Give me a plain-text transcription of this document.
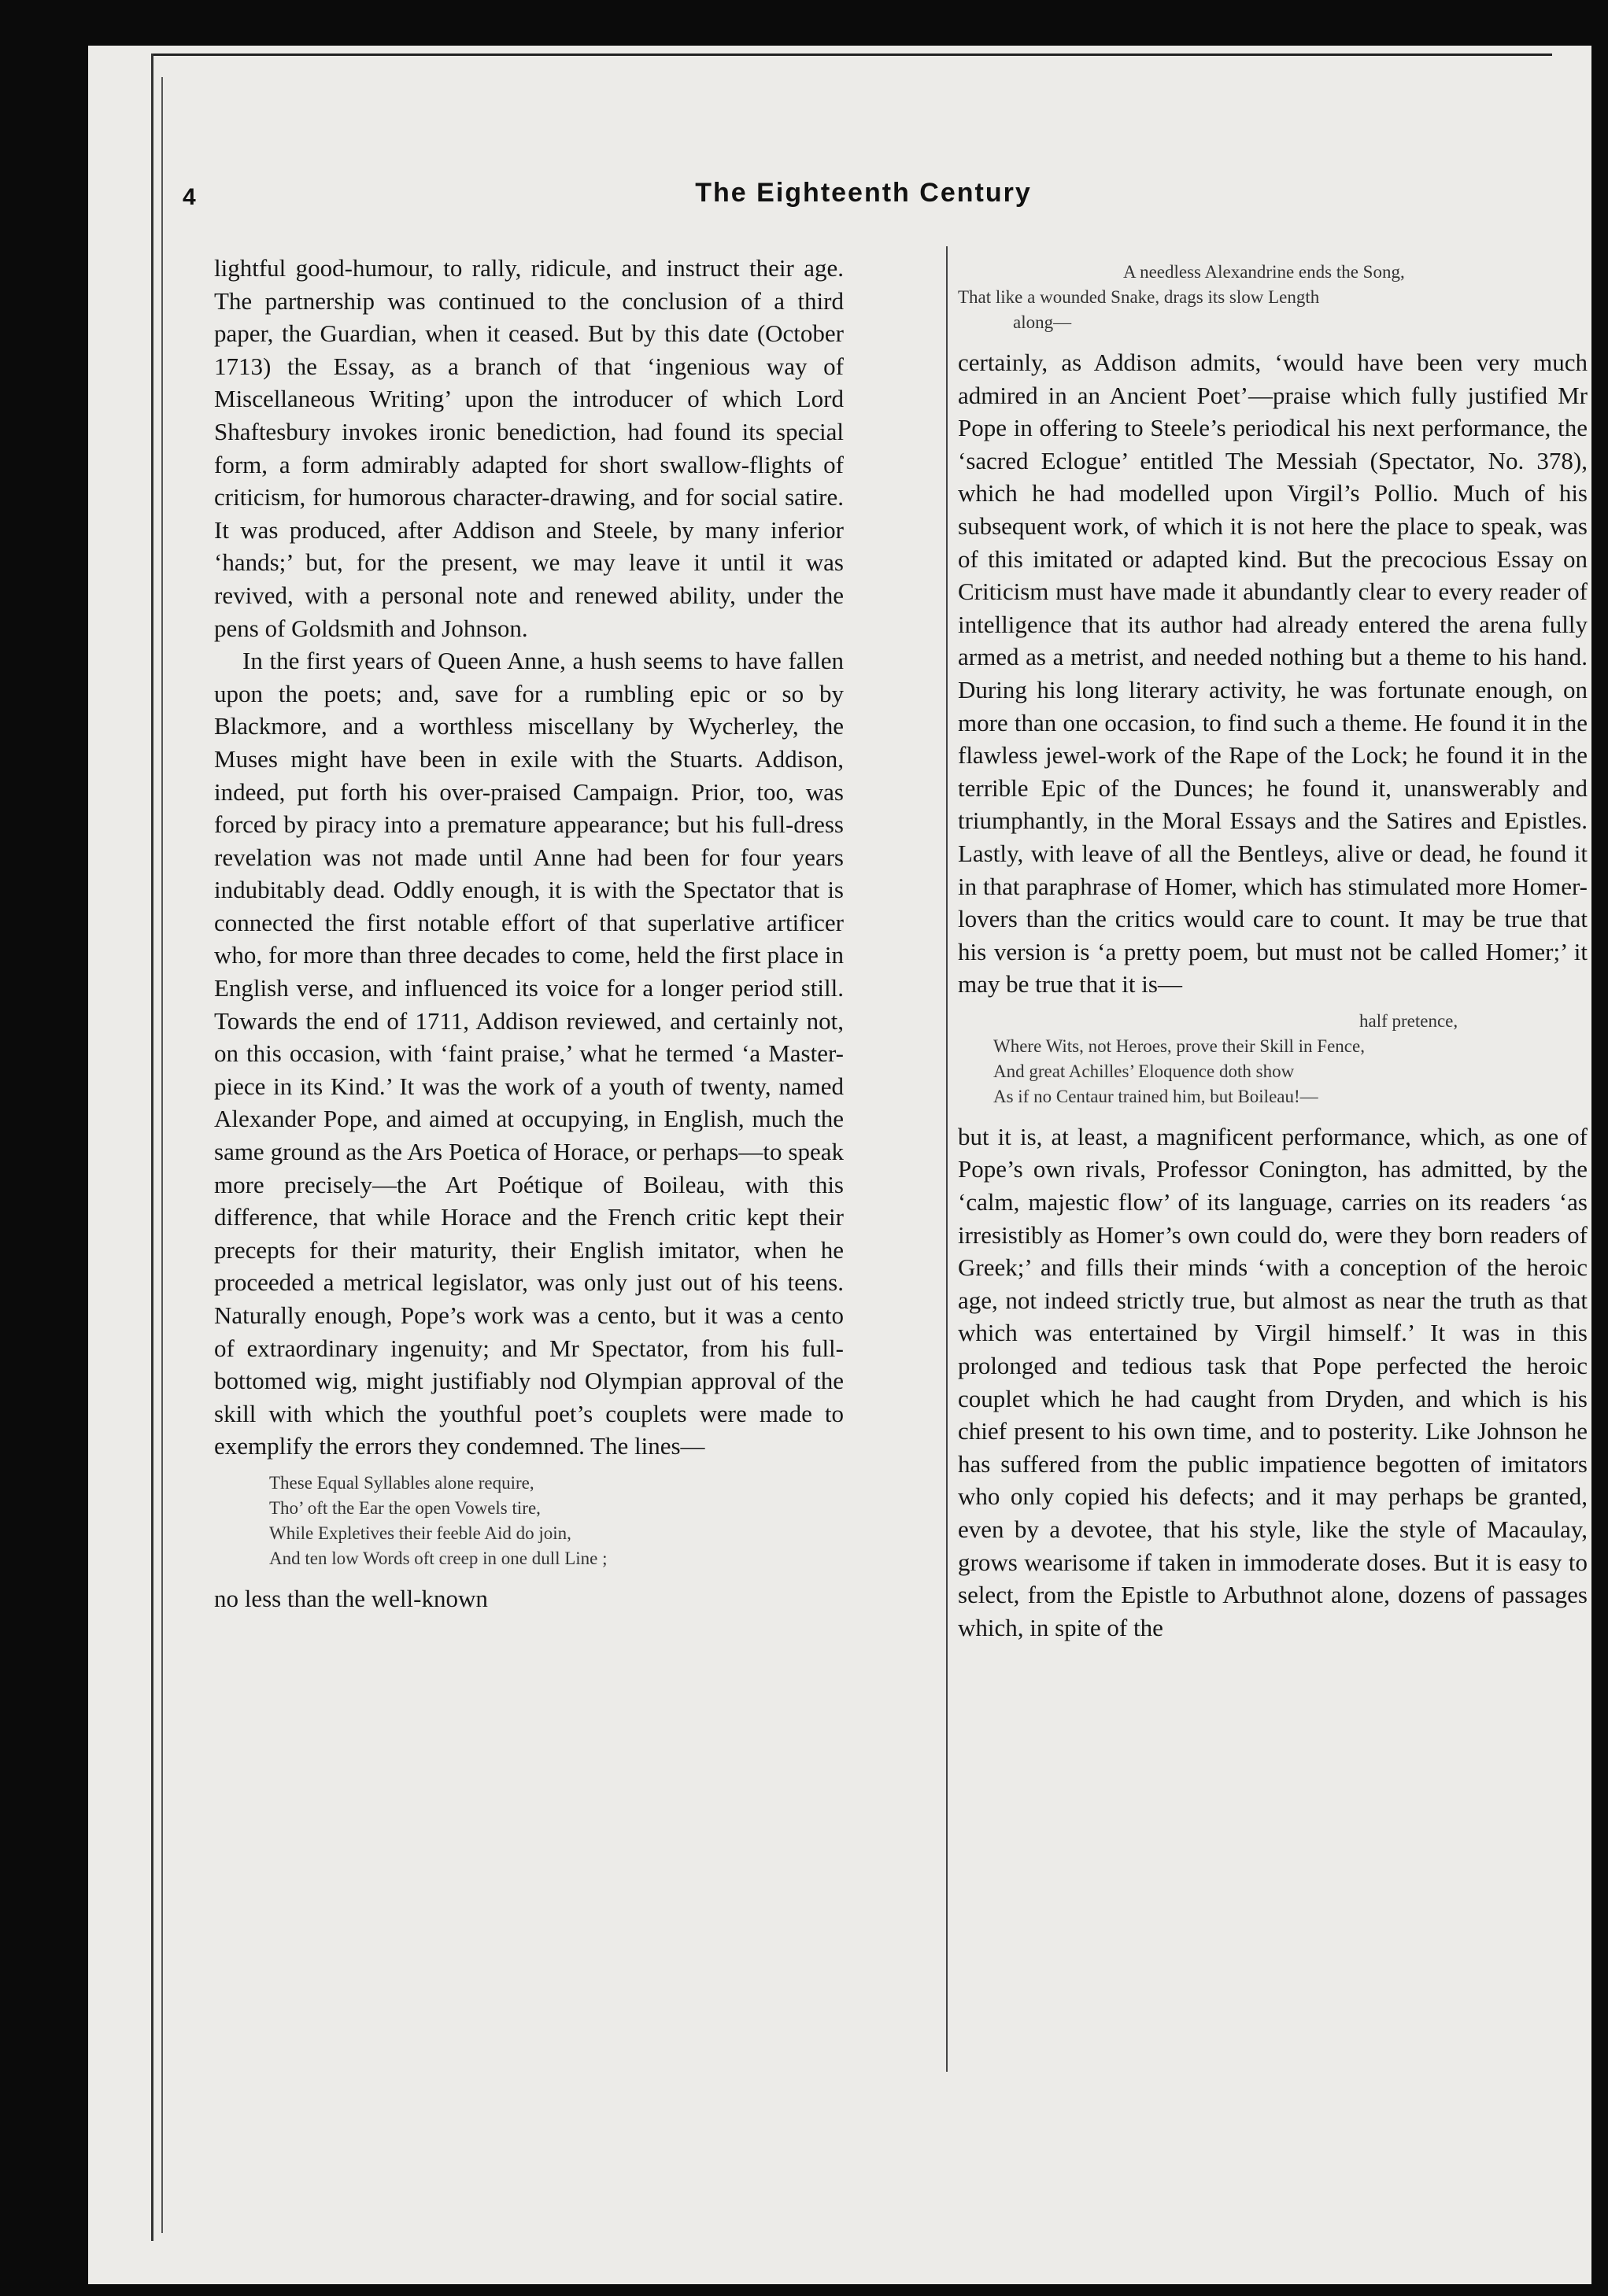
4	The Eighteenth Century

lightful good-humour, to rally, ridicule, and instruct their age. The partnership was continued to the conclusion of a third paper, the Guardian, when it ceased. But by this date (October 1713) the Essay, as a branch of that ‘ingenious way of Miscellaneous Writing’ upon the introducer of which Lord Shaftesbury invokes ironic benediction, had found its special form, a form admirably adapted for short swallow-flights of criticism, for humorous character-drawing, and for social satire. It was produced, after Addison and Steele, by many inferior ‘hands;’ but, for the present, we may leave it until it was revived, with a personal note and renewed ability, under the pens of Goldsmith and Johnson.

In the first years of Queen Anne, a hush seems to have fallen upon the poets; and, save for a rumbling epic or so by Blackmore, and a worthless miscellany by Wycherley, the Muses might have been in exile with the Stuarts. Addison, indeed, put forth his over-praised Campaign. Prior, too, was forced by piracy into a premature appearance; but his full-dress revelation was not made until Anne had been for four years indubitably dead. Oddly enough, it is with the Spectator that is connected the first notable effort of that superlative artificer who, for more than three decades to come, held the first place in English verse, and influenced its voice for a longer period still. Towards the end of 1711, Addison reviewed, and certainly not, on this occasion, with ‘faint praise,’ what he termed ‘a Master-piece in its Kind.’ It was the work of a youth of twenty, named Alexander Pope, and aimed at occupying, in English, much the same ground as the Ars Poetica of Horace, or perhaps—to speak more precisely—the Art Poétique of Boileau, with this difference, that while Horace and the French critic kept their precepts for their maturity, their English imitator, when he proceeded a metrical legislator, was only just out of his teens. Naturally enough, Pope’s work was a cento, but it was a cento of extraordinary ingenuity; and Mr Spectator, from his full-bottomed wig, might justifiably nod Olympian approval of the skill with which the youthful poet’s couplets were made to exemplify the errors they condemned. The lines—

These Equal Syllables alone require,
Tho’ oft the Ear the open Vowels tire,
While Expletives their feeble Aid do join,
And ten low Words oft creep in one dull Line ;

no less than the well-known

A needless Alexandrine ends the Song,
That like a wounded Snake, drags its slow Length
along—

certainly, as Addison admits, ‘would have been very much admired in an Ancient Poet’—praise which fully justified Mr Pope in offering to Steele’s periodical his next performance, the ‘sacred Eclogue’ entitled The Messiah (Spectator, No. 378), which he had modelled upon Virgil’s Pollio. Much of his subsequent work, of which it is not here the place to speak, was of this imitated or adapted kind. But the precocious Essay on Criticism must have made it abundantly clear to every reader of intelligence that its author had already entered the arena fully armed as a metrist, and needed nothing but a theme to his hand. During his long literary activity, he was fortunate enough, on more than one occasion, to find such a theme. He found it in the flawless jewel-work of the Rape of the Lock; he found it in the terrible Epic of the Dunces; he found it, unanswerably and triumphantly, in the Moral Essays and the Satires and Epistles. Lastly, with leave of all the Bentleys, alive or dead, he found it in that paraphrase of Homer, which has stimulated more Homer-lovers than the critics would care to count. It may be true that his version is ‘a pretty poem, but must not be called Homer;’ it may be true that it is—

half pretence,
Where Wits, not Heroes, prove their Skill in Fence,
And great Achilles’ Eloquence doth show
As if no Centaur trained him, but Boileau!—

but it is, at least, a magnificent performance, which, as one of Pope’s own rivals, Professor Conington, has admitted, by the ‘calm, majestic flow’ of its language, carries on its readers ‘as irresistibly as Homer’s own could do, were they born readers of Greek;’ and fills their minds ‘with a conception of the heroic age, not indeed strictly true, but almost as near the truth as that which was entertained by Virgil himself.’ It was in this prolonged and tedious task that Pope perfected the heroic couplet which he had caught from Dryden, and which is his chief present to his own time, and to posterity. Like Johnson he has suffered from the public impatience begotten of imitators who only copied his defects; and it may perhaps be granted, even by a devotee, that his style, like the style of Macaulay, grows wearisome if taken in immoderate doses. But it is easy to select, from the Epistle to Arbuthnot alone, dozens of passages which, in spite of the
